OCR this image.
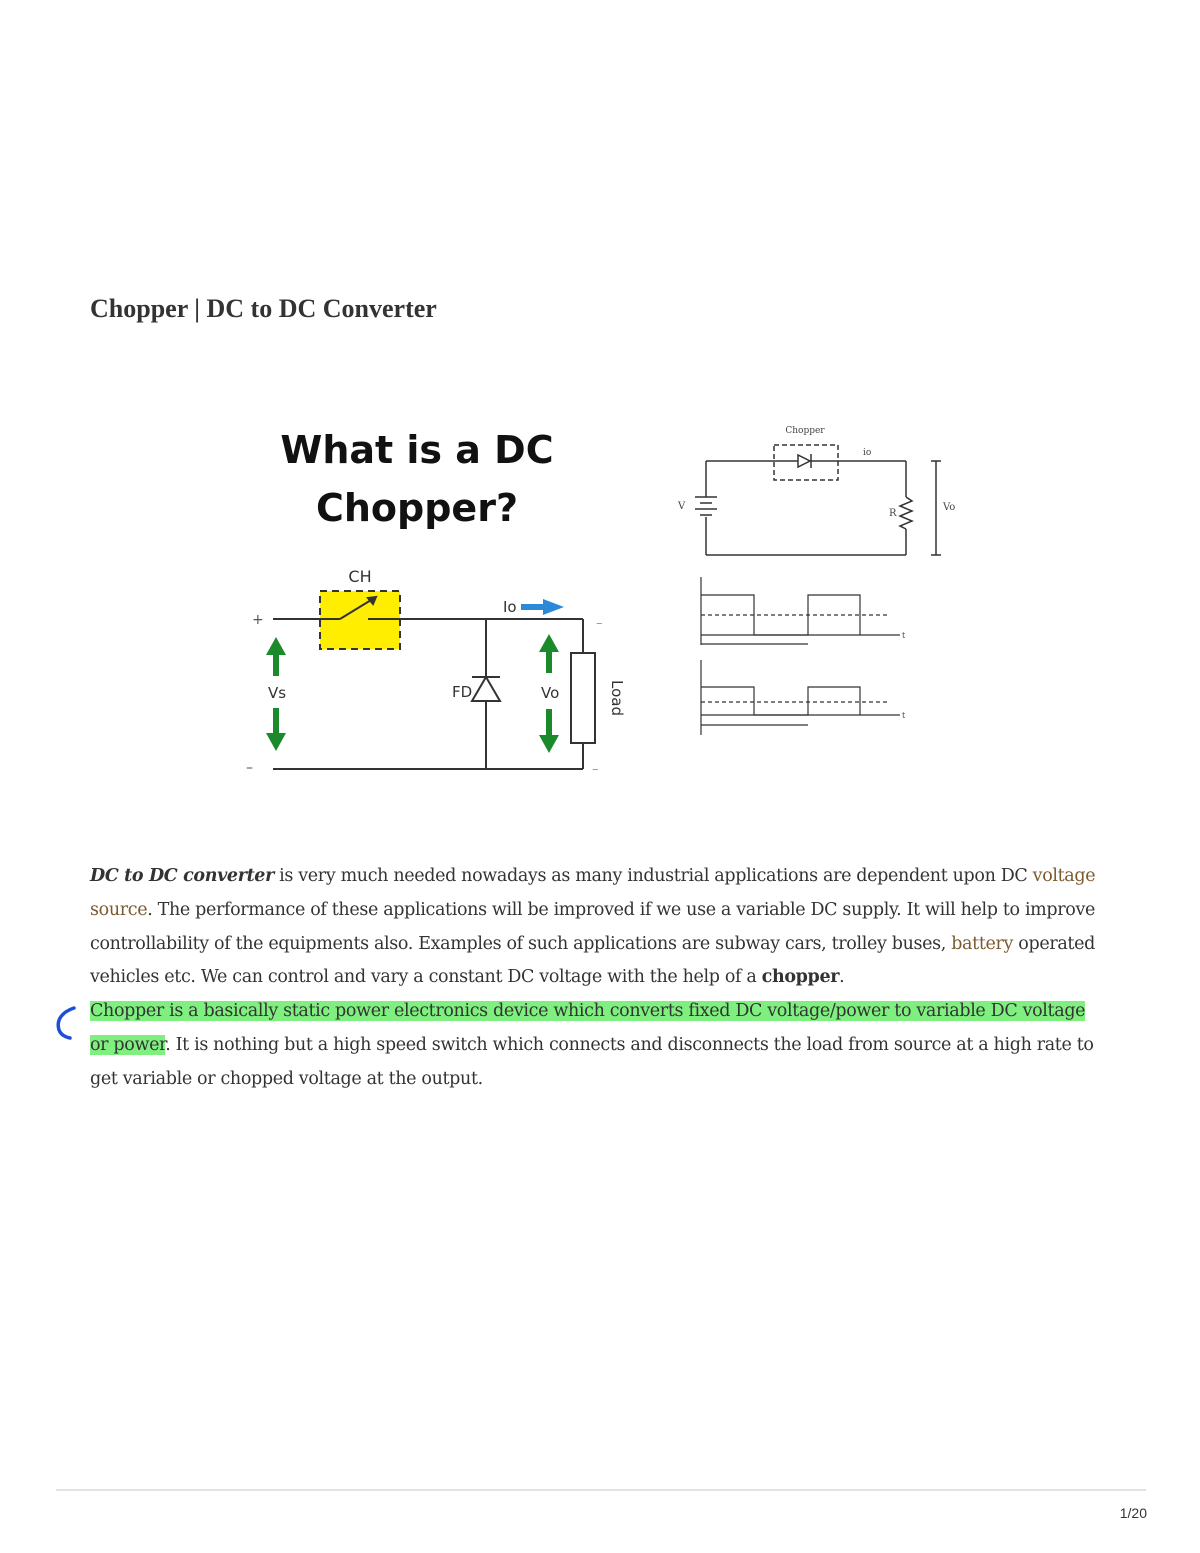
Chopper | DC to DC Converter
What is a DC
Chopper?
CH
Io
FD	Load
+
–
–
–
Vs	Vo
Chopper
V
R
Vo
io
t
t

DC to DC converter is very much needed nowadays as many industrial applications are dependent upon DC voltage source. The performance of these applications will be improved if we use a variable DC supply. It will help to improve controllability of the equipments also. Examples of such applications are subway cars, trolley buses, battery operated vehicles etc. We can control and vary a constant DC voltage with the help of a chopper.

Chopper is a basically static power electronics device which converts fixed DC voltage/power to variable DC voltage or power. It is nothing but a high speed switch which connects and disconnects the load from source at a high rate to get variable or chopped voltage at the output.

1/20
